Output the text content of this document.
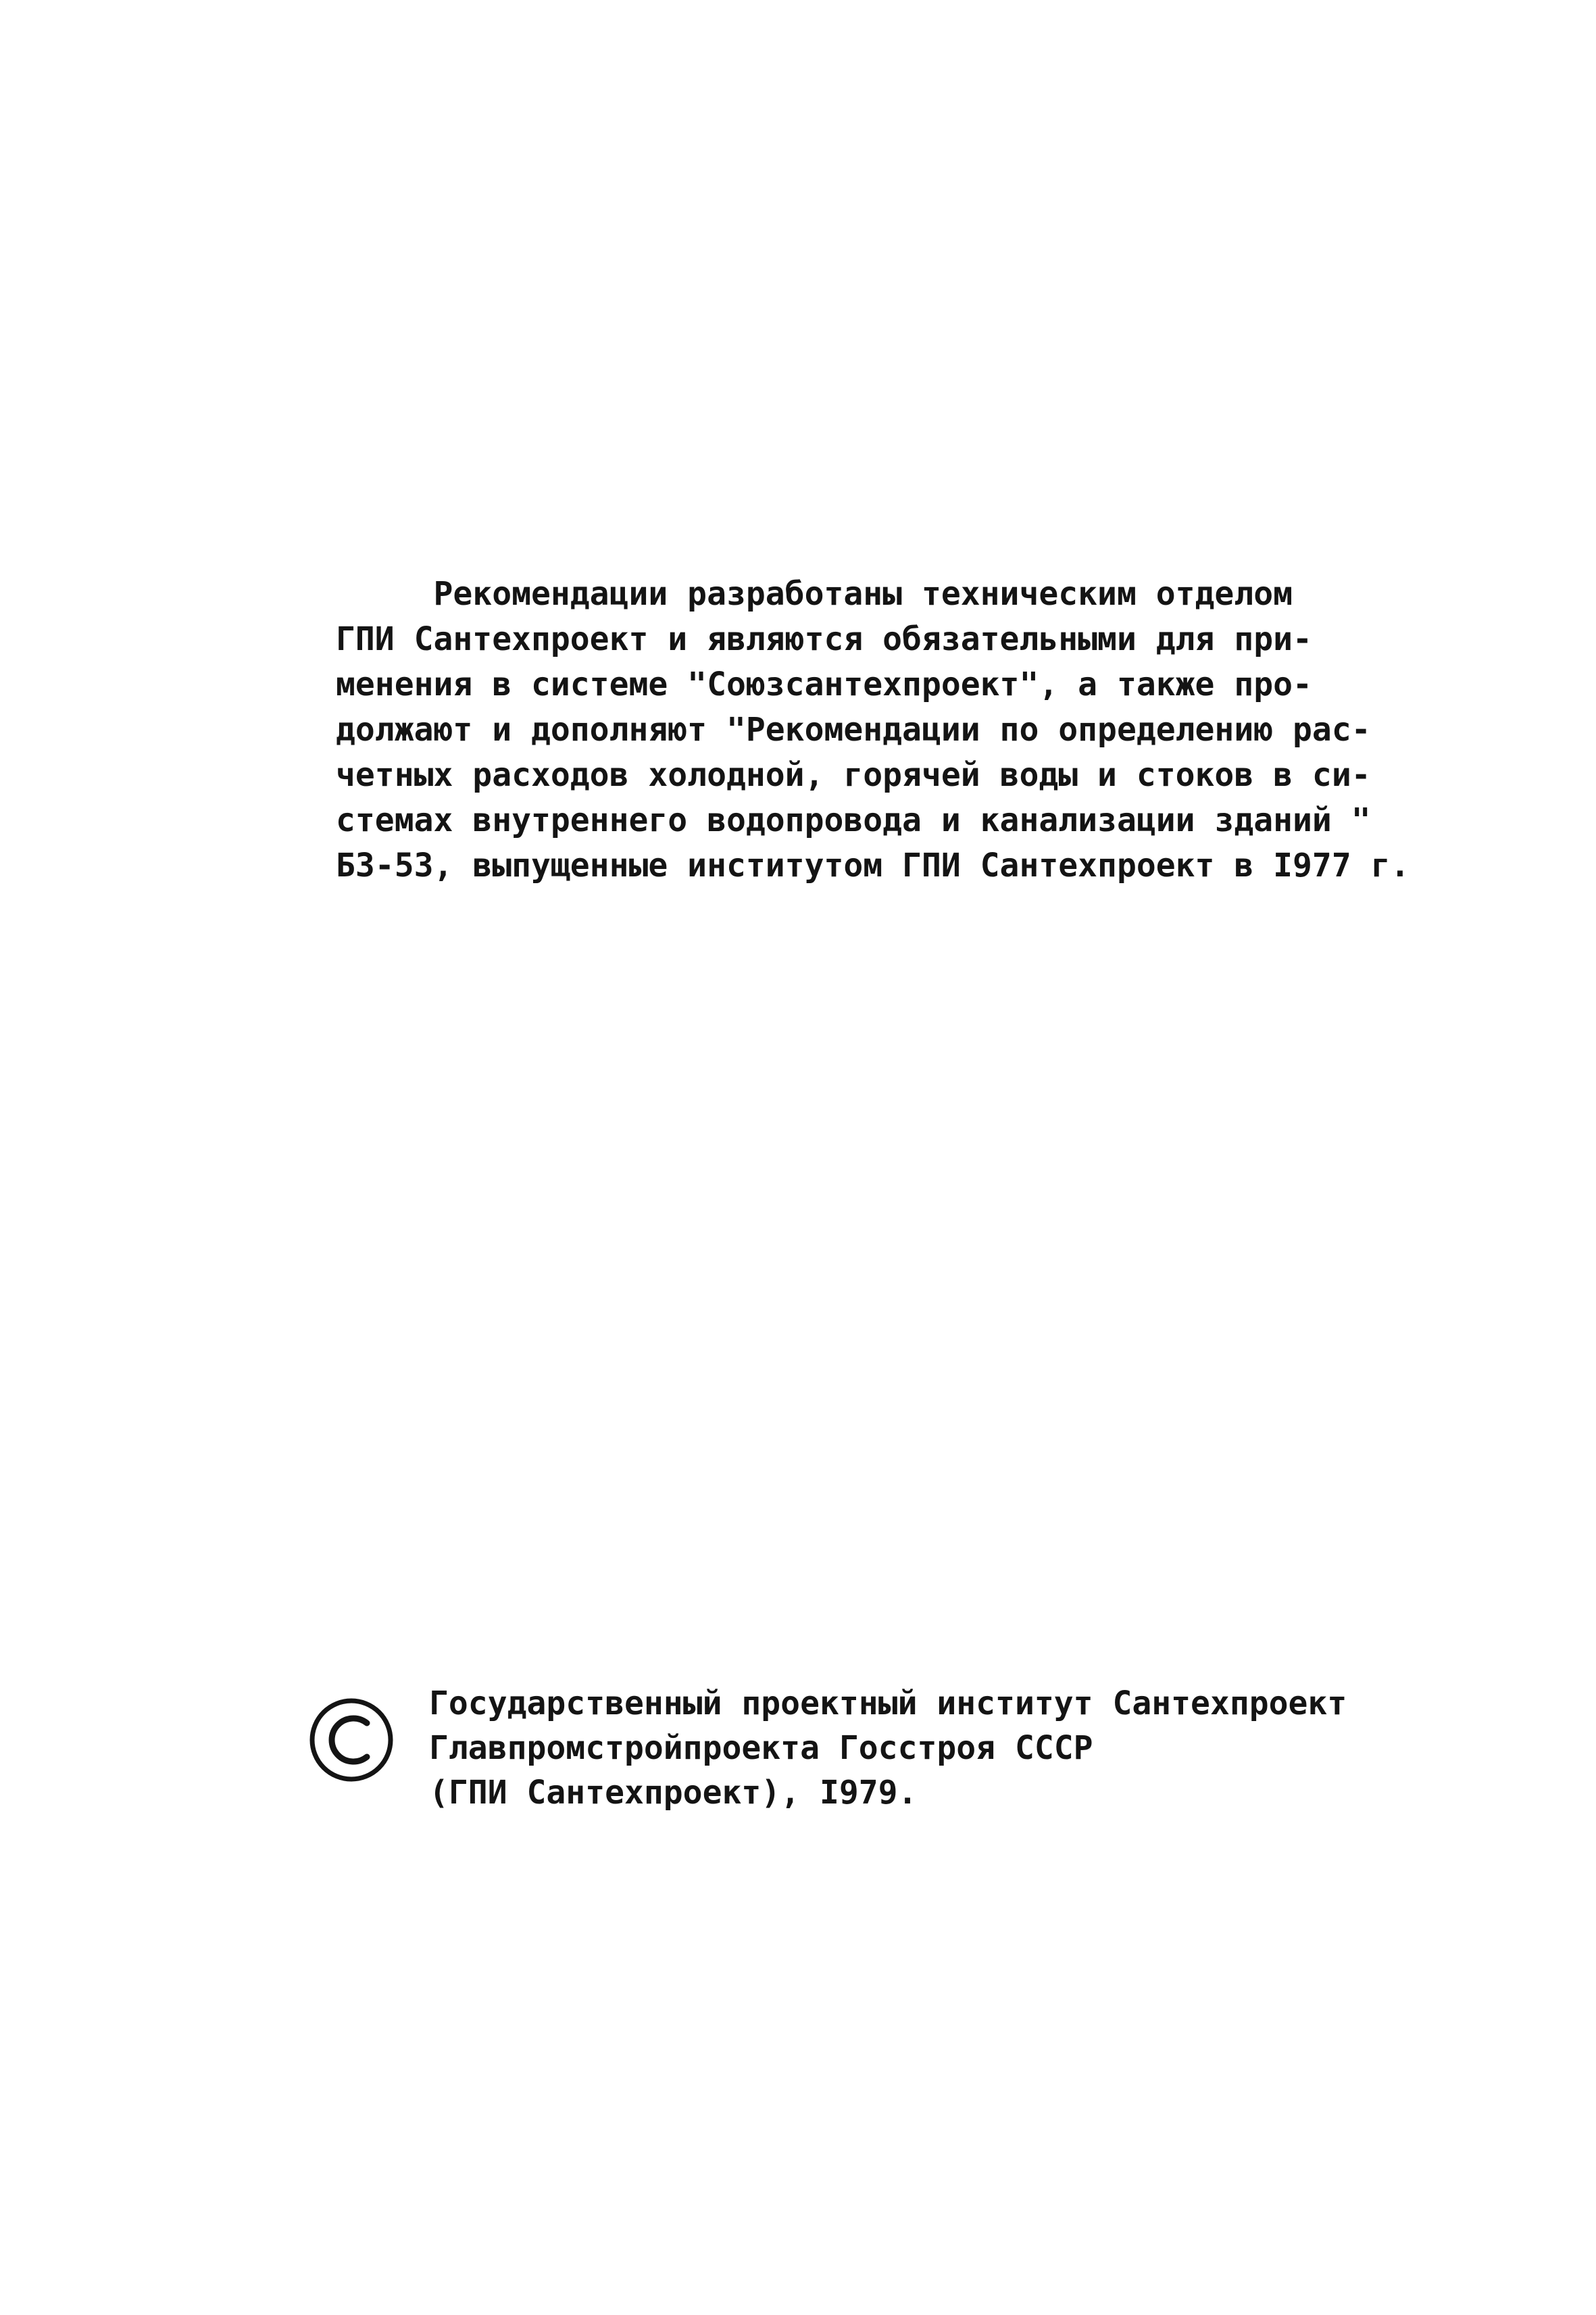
Рекомендации разработаны техническим отделом
ГПИ Сантехпроект и являются обязательными для при-
менения в системе "Союзсантехпроект", а также про-
должают и дополняют "Рекомендации по определению рас-
четных расходов холодной, горячей воды и стоков в си-
стемах внутреннего водопровода и канализации зданий "
Б3-53, выпущенные институтом ГПИ Сантехпроект в I977 г.

Государственный проектный институт Сантехпроект
Главпромстройпроекта Госстроя СССР
(ГПИ Сантехпроект), I979.
